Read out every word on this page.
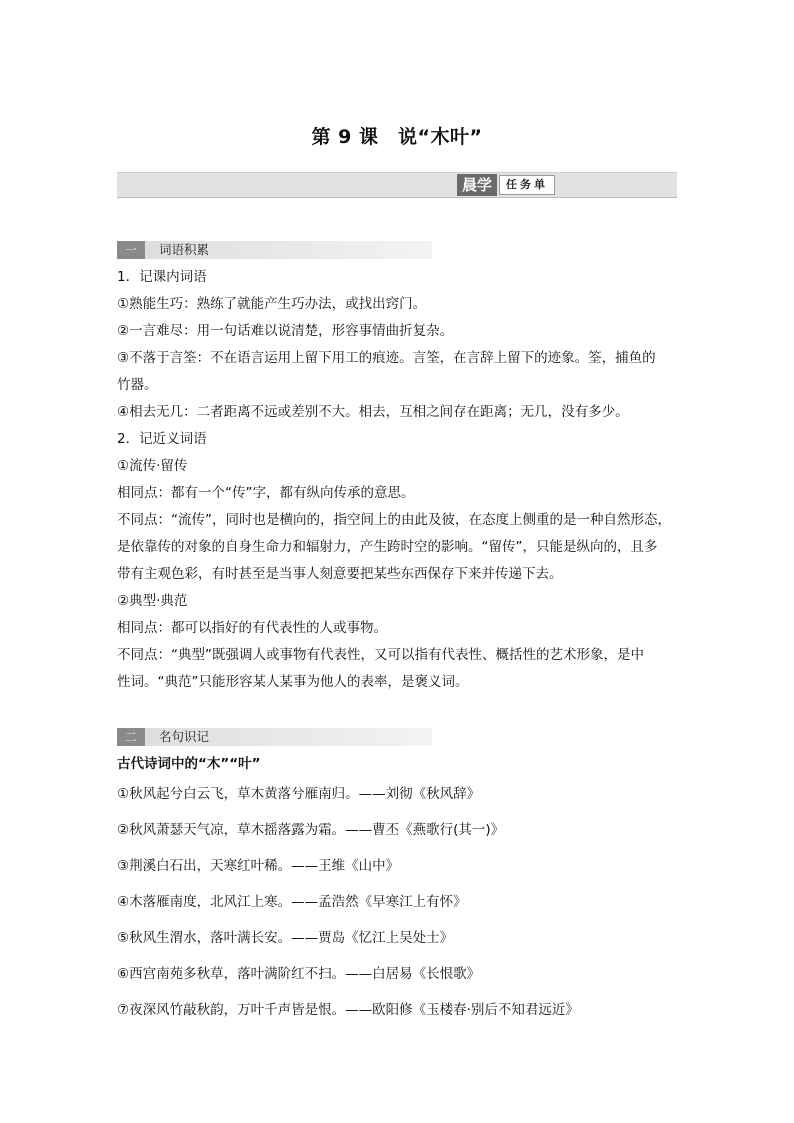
第 9 课　说“木叶”
晨学	任务单
一	词语积累
1．记课内词语
①熟能生巧：熟练了就能产生巧办法，或找出窍门。
②一言难尽：用一句话难以说清楚，形容事情曲折复杂。
③不落于言筌：不在语言运用上留下用工的痕迹。言筌，在言辞上留下的迹象。筌，捕鱼的
竹器。
④相去无几：二者距离不远或差别不大。相去，互相之间存在距离；无几，没有多少。
2．记近义词语
①流传·留传
相同点：都有一个“传”字，都有纵向传承的意思。
不同点：“流传”，同时也是横向的，指空间上的由此及彼，在态度上侧重的是一种自然形态，
是依靠传的对象的自身生命力和辐射力，产生跨时空的影响。“留传”，只能是纵向的，且多
带有主观色彩，有时甚至是当事人刻意要把某些东西保存下来并传递下去。
②典型·典范
相同点：都可以指好的有代表性的人或事物。
不同点：“典型”既强调人或事物有代表性，又可以指有代表性、概括性的艺术形象，是中
性词。“典范”只能形容某人某事为他人的表率，是褒义词。
二	名句识记
古代诗词中的“木”“叶”
①秋风起兮白云飞，草木黄落兮雁南归。——刘彻《秋风辞》
②秋风萧瑟天气凉，草木摇落露为霜。——曹丕《燕歌行(其一)》
③荆溪白石出，天寒红叶稀。——王维《山中》
④木落雁南度，北风江上寒。——孟浩然《早寒江上有怀》
⑤秋风生渭水，落叶满长安。——贾岛《忆江上吴处士》
⑥西宫南苑多秋草，落叶满阶红不扫。——白居易《长恨歌》
⑦夜深风竹敲秋韵，万叶千声皆是恨。——欧阳修《玉楼春·别后不知君远近》
